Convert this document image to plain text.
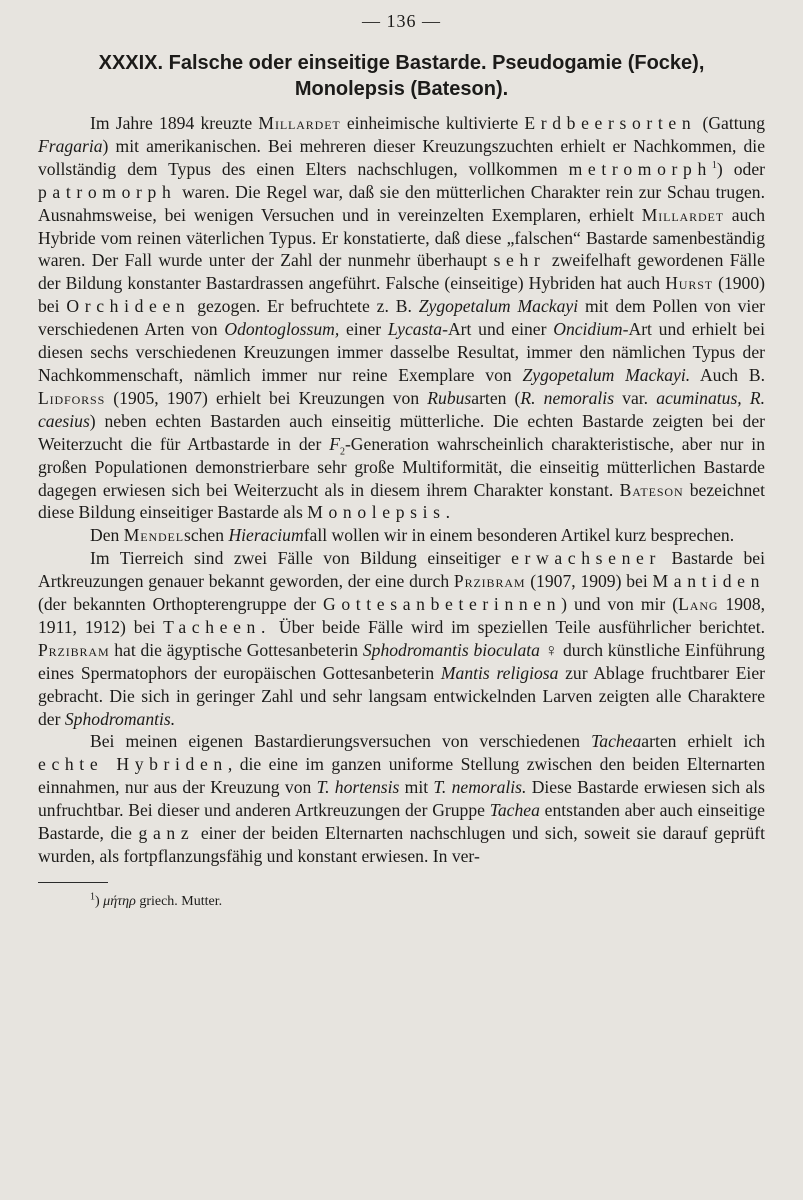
— 136 —
XXXIX. Falsche oder einseitige Bastarde. Pseudogamie (Focke),
Monolepsis (Bateson).

Im Jahre 1894 kreuzte Millardet einheimische kultivierte Erdbeersorten (Gattung Fragaria) mit amerikanischen. Bei mehreren dieser Kreuzungszuchten erhielt er Nachkommen, die vollständig dem Typus des einen Elters nachschlugen, vollkommen metromorph$^1$) oder patromorph waren. Die Regel war, daß sie den mütterlichen Charakter rein zur Schau trugen. Ausnahmsweise, bei wenigen Versuchen und in vereinzelten Exemplaren, erhielt Millardet auch Hybride vom reinen väterlichen Typus. Er konstatierte, daß diese „falschen“ Bastarde samenbeständig waren. Der Fall wurde unter der Zahl der nunmehr überhaupt sehr zweifelhaft gewordenen Fälle der Bildung konstanter Bastardrassen angeführt. Falsche (einseitige) Hybriden hat auch Hurst (1900) bei Orchideen gezogen. Er befruchtete z. B. Zygopetalum Mackayi mit dem Pollen von vier verschiedenen Arten von Odontoglossum, einer Lycasta-Art und einer Oncidium-Art und erhielt bei diesen sechs verschiedenen Kreuzungen immer dasselbe Resultat, immer den nämlichen Typus der Nachkommenschaft, nämlich immer nur reine Exemplare von Zygopetalum Mackayi. Auch B. Lidforss (1905, 1907) erhielt bei Kreuzungen von Rubusarten (R. nemoralis var. acuminatus, R. caesius) neben echten Bastarden auch einseitig mütterliche. Die echten Bastarde zeigten bei der Weiterzucht die für Artbastarde in der $F_2$-Generation wahrscheinlich charakteristische, aber nur in großen Populationen demonstrierbare sehr große Multiformität, die einseitig mütterlichen Bastarde dagegen erwiesen sich bei Weiterzucht als in diesem ihrem Charakter konstant. Bateson bezeichnet diese Bildung einseitiger Bastarde als Monolepsis.

Den Mendelschen Hieraciumfall wollen wir in einem besonderen Artikel kurz besprechen.

Im Tierreich sind zwei Fälle von Bildung einseitiger erwachsener Bastarde bei Artkreuzungen genauer bekannt geworden, der eine durch Przibram (1907, 1909) bei Mantiden (der bekannten Orthopterengruppe der Gottesanbeterinnen) und von mir (Lang 1908, 1911, 1912) bei Tacheen. Über beide Fälle wird im speziellen Teile ausführlicher berichtet. Przibram hat die ägyptische Gottesanbeterin Sphodromantis bioculata ♀ durch künstliche Einführung eines Spermatophors der europäischen Gottesanbeterin Mantis religiosa zur Ablage fruchtbarer Eier gebracht. Die sich in geringer Zahl und sehr langsam entwickelnden Larven zeigten alle Charaktere der Sphodromantis.

Bei meinen eigenen Bastardierungsversuchen von verschiedenen Tacheaarten erhielt ich echte Hybriden, die eine im ganzen uniforme Stellung zwischen den beiden Elternarten einnahmen, nur aus der Kreuzung von T. hortensis mit T. nemoralis. Diese Bastarde erwiesen sich als unfruchtbar. Bei dieser und anderen Artkreuzungen der Gruppe Tachea entstanden aber auch einseitige Bastarde, die ganz einer der beiden Elternarten nachschlugen und sich, soweit sie darauf geprüft wurden, als fortpflanzungsfähig und konstant erwiesen. In ver-

$^1$) μήτηρ griech. Mutter.
